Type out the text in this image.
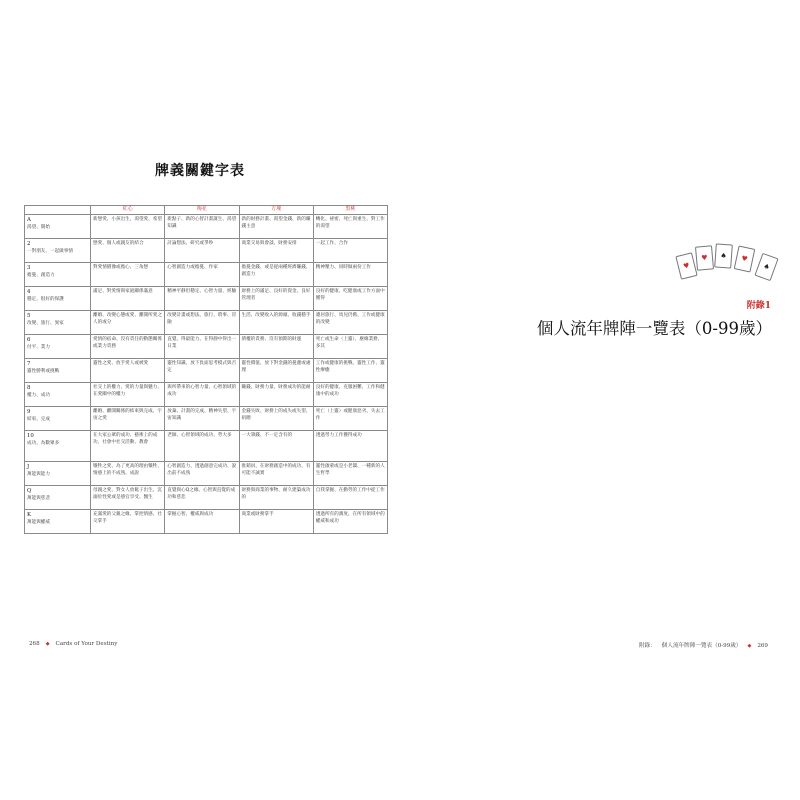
牌義關鍵字表
	紅心	梅花	方塊	黑桃

A
渴望、開始	新戀愛、小孩出生、渴望愛、希望	新點子、新的心智計畫誕生、渴望知識	新的財務計畫、渴望金錢、新的賺錢主意	轉化、祕密、死亡與重生、對工作的渴望

2
一對朋友、一起做事情	戀愛、個人或親友的結合	討論想法、研究或爭吵	商業交易與會談、財務安排	一起工作、合作

3
擔憂、創造力	對愛情猶豫或擔心、三角戀	心智創造力或擔憂、作家	擔憂金錢、或是從兩種經濟賺錢、創造力	精神壓力、同時做兩份工作

4
穩定、很好的保護	滿足、對愛情與家庭關係滿意	精神平靜但穩定、心智力量、經驗	財務上的滿足、良好的資金、良好管理者	良好的健康、吃健康或工作方面中獲得

5
改變、旅行、異家	離婚、改變心態或愛、離開所愛之人的或分	改變計畫或想法、旅行、瑣事、冒險	生活、改變收入的源頭、收錢穩手	遷居旅行、馬兒仍舊、工作或健康的改變

6
付平、業力	愛情的宿命、沒有責任的動態關係或業力責務	直覺、得最能力、在得靜中得出一日業	債權的責務、沒有預期的財運	死亡或生命（上靈）、塵緣業務、多其

7
靈性勝利或挑戰	靈性之愛、放手愛人或被愛	靈性知識、放下負面思考模式與否定	靈性價值、放下對金錢的憂慮或處理	工作或健康的挑戰、靈性工作、靈性療癒

8
權力、成功	社交上的權力、愛的力量與魅力、在愛關中的權力	與所帶來的心智力量、心智領域的成功	賺錢、財務力量、財務成功的能耐	良好的健康、克服困難、工作和健康中的成功

9
結束、完成	離婚、離開關係的結束與完成、宇宙之愛	放棄、計畫的完成、精神失望、宇宙知識	金錢失敗、財務上的成失或失望、捐贈	死亡（上靈）或健康惡劣、失去工作

10
成功、為數眾多	在大家公眾的成功、藝術上的成功、社會中社交活動、教會	老師、心智領域的成功、勞大多	一大筆錢、不一定含有的	透過勞力工作獲得成功

J
萬能與能力	犧牲之愛、為了更高的理由犧牲、情感上的不成熟、成說	心智創造力、透過創意完成功、說出前不成熟	推銷員、在財務創造中的成功、有可能不誠實	靈性啟蒙或是小老闆、一種新的人生哲學

Q
萬能與慈悲	母親之愛、對女人放鬆子出生、沉溺於性愛或是感官享受、醫生	直覺與心Q之緣、心智與直覺的成功和慈悲	財務與商業的事物、耐久建築成功的	自我掌握、在勤勞的工作中從工作

K
萬能與權威	充滿愛的父親之緣、掌控情感、社交掌手	掌握心智、權威與成功	商業或財務掌手	透過所有的測度、在所有領域中的權威和成功
268 ◆ Cards of Your Destiny
♥
♥	♠	♥
♠
附錄1
個人流年牌陣一覽表（0-99歲）
附錄： 個人流年牌陣一覽表（0-99歲） ◆ 269
